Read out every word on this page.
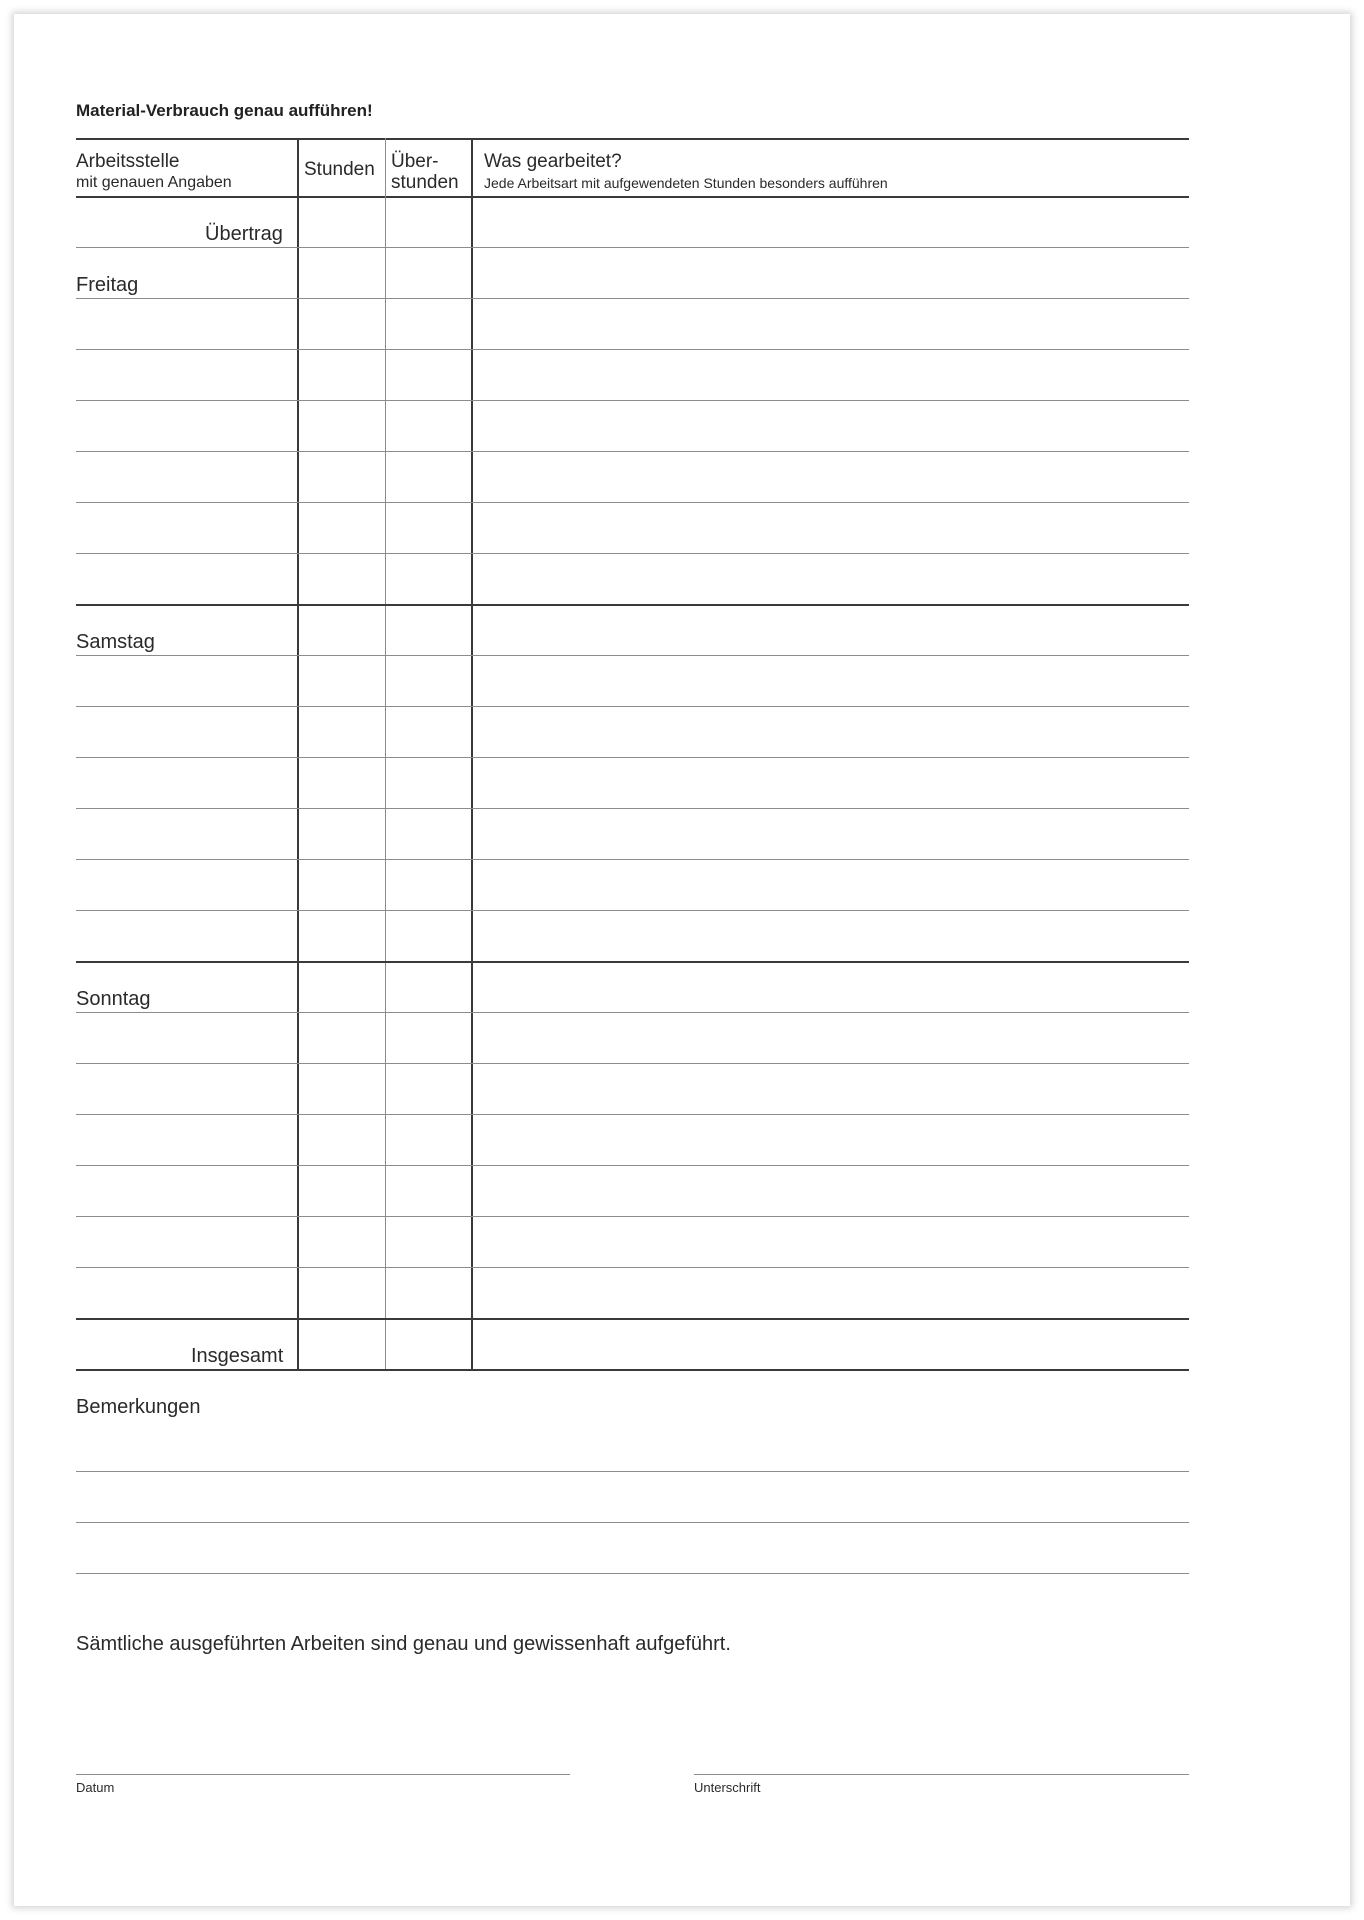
Material-Verbrauch genau aufführen!
Arbeitsstelle
mit genauen Angaben
Stunden Über-
stunden
Was gearbeitet?
Jede Arbeitsart mit aufgewendeten Stunden besonders aufführen
Übertrag
Freitag
Samstag
Sonntag
Insgesamt
Bemerkungen
Sämtliche ausgeführten Arbeiten sind genau und gewissenhaft aufgeführt.
Datum	Unterschrift
